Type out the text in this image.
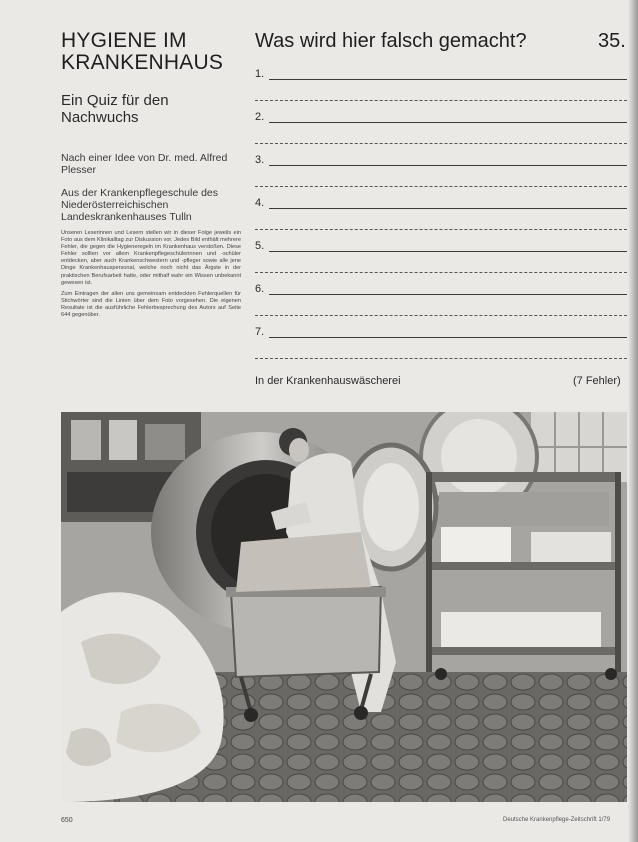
HYGIENE IM KRANKENHAUS
Ein Quiz für den Nachwuchs
Nach einer Idee von Dr. med. Alfred Plesser
Aus der Krankenpflegeschule des Niederösterreichischen Landeskrankenhauses Tulln

Unseren Leserinnen und Lesern stellen wir in dieser Folge jeweils ein Foto aus dem Klinikalltag zur Diskussion vor. Jedes Bild enthält mehrere Fehler, die gegen die Hygieneregeln im Krankenhaus verstoßen. Diese Fehler sollten vor allem Krankenpflegeschülerinnen und -schüler entdecken, aber auch Krankenschwestern und -pfleger sowie alle jene Dinge Krankenhauspersonal, welche noch nicht das Ärgste in der praktischen Berufsarbeit hatte, oder mithalf wahr ein Wissen unbekannt gewesen ist.

Zum Eintragen der allen uns gemeinsam entdeckten Fehlerquellen für Stichwörter sind die Linien über dem Foto vorgesehen. Die eigenen Resultate ist die ausführliche Fehlerbesprechung des Autors auf Seite 644 gegenüber.

Was wird hier falsch gemacht?	35.
1.
2.
3.
4.
5.
6.
7.
In der Krankenhauswäscherei	(7 Fehler)
650	Deutsche Krankenpflege-Zeitschrift 1/79
